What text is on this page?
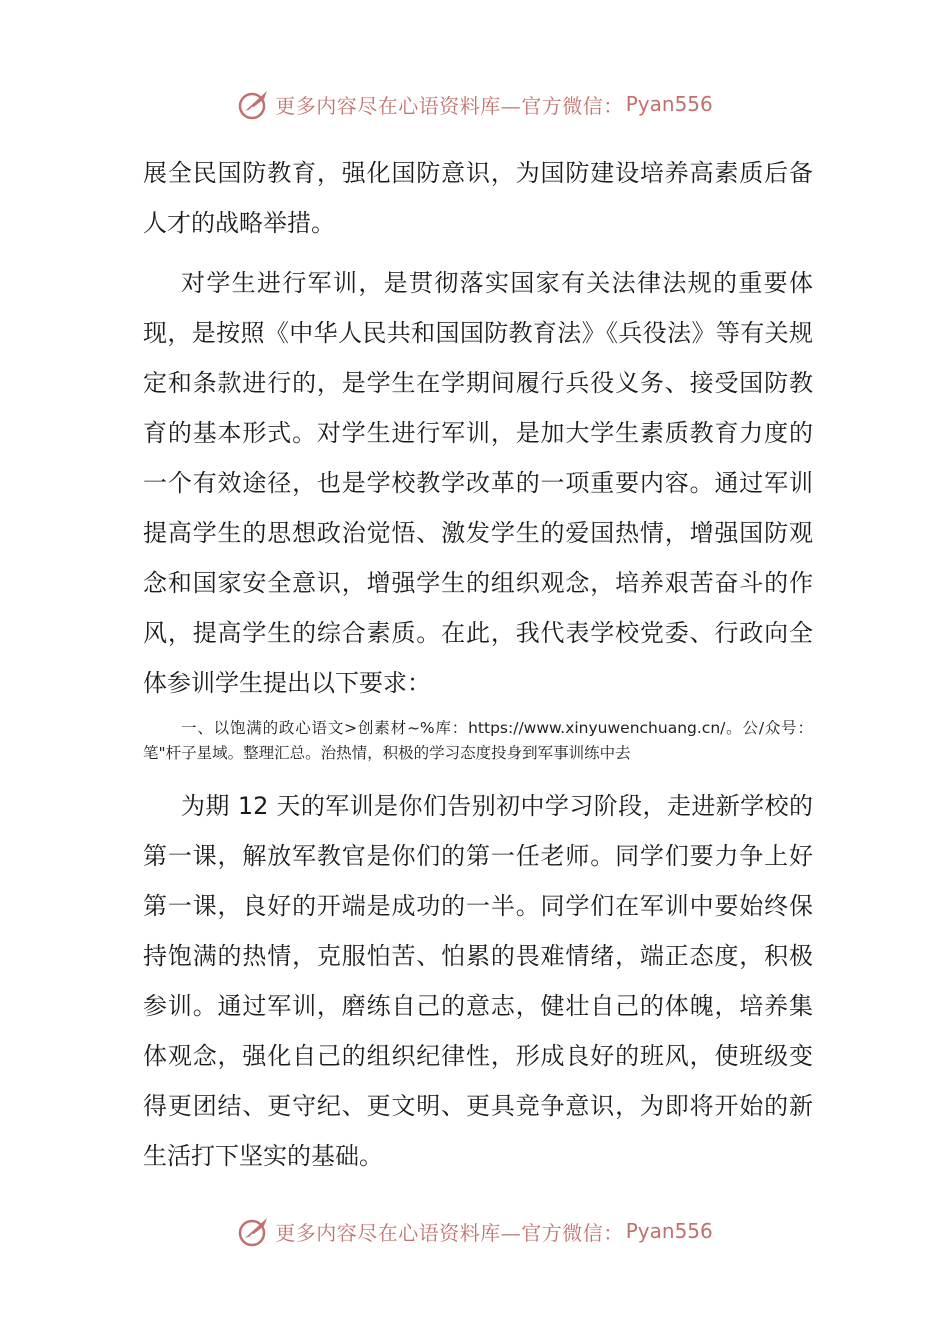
更多内容尽在心语资料库—官方微信： Pyan556

展全民国防教育，强化国防意识，为国防建设培养高素质后备人才的战略举措。

对学生进行军训，是贯彻落实国家有关法律法规的重要体现，是按照《中华人民共和国国防教育法》《兵役法》等有关规定和条款进行的，是学生在学期间履行兵役义务、接受国防教育的基本形式。对学生进行军训，是加大学生素质教育力度的一个有效途径，也是学校教学改革的一项重要内容。通过军训提高学生的思想政治觉悟、激发学生的爱国热情，增强国防观念和国家安全意识，增强学生的组织观念，培养艰苦奋斗的作风，提高学生的综合素质。在此，我代表学校党委、行政向全体参训学生提出以下要求：

一、以饱满的政心语文>创素材~%库：https://www.xinyuwenchuang.cn/。公/众号：笔"杆子星域。整理汇总。治热情，积极的学习态度投身到军事训练中去

为期 12 天的军训是你们告别初中学习阶段，走进新学校的第一课，解放军教官是你们的第一任老师。同学们要力争上好第一课，良好的开端是成功的一半。同学们在军训中要始终保持饱满的热情，克服怕苦、怕累的畏难情绪，端正态度，积极参训。通过军训，磨练自己的意志，健壮自己的体魄，培养集体观念，强化自己的组织纪律性，形成良好的班风，使班级变得更团结、更守纪、更文明、更具竞争意识，为即将开始的新生活打下坚实的基础。

更多内容尽在心语资料库—官方微信： Pyan556
